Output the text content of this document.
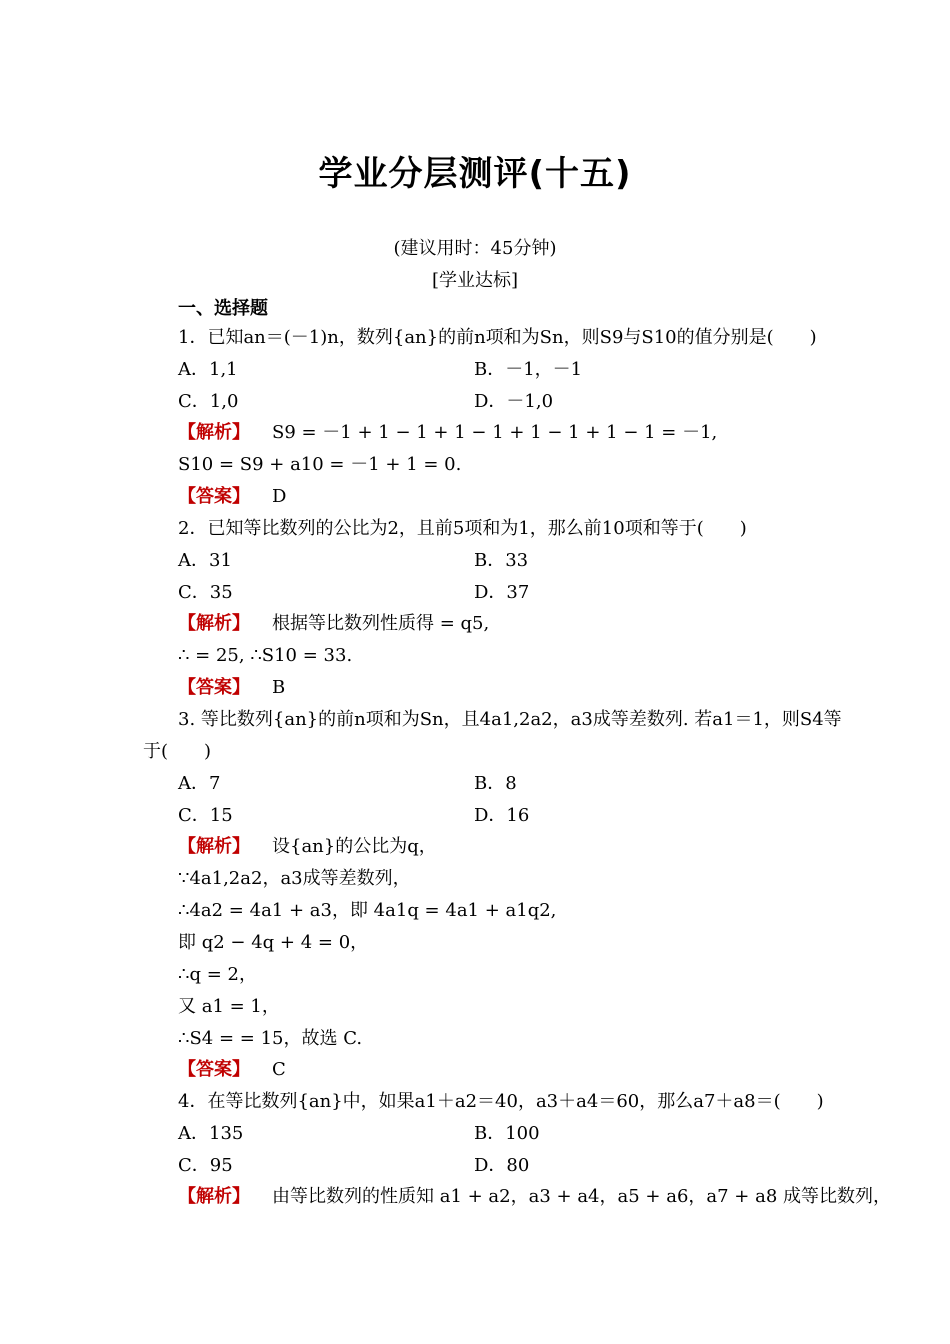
学业分层测评(十五)
(建议用时：45分钟)
[学业达标]
一、选择题
1．已知an＝(－1)n，数列{an}的前n项和为Sn，则S9与S10的值分别是(　　)
A．1,1	B．－1，－1
C．1,0	D．－1,0
【解析】 S9 = －1 + 1 − 1 + 1 − 1 + 1 − 1 + 1 − 1 = －1,
S10 = S9 + a10 = －1 + 1 = 0.
【答案】 D
2．已知等比数列的公比为2，且前5项和为1，那么前10项和等于(　　)
A．31	B．33
C．35	D．37
【解析】 根据等比数列性质得 = q5,
∴ = 25, ∴S10 = 33.
【答案】 B
3. 等比数列{an}的前n项和为Sn，且4a1,2a2，a3成等差数列. 若a1＝1，则S4等
于(　　)
A．7	B．8
C．15	D．16
【解析】 设{an}的公比为q，
∵4a1,2a2，a3成等差数列，
∴4a2 = 4a1 + a3，即 4a1q = 4a1 + a1q2,
即 q2 − 4q + 4 = 0，
∴q = 2，
又 a1 = 1，
∴S4 = = 15，故选 C.
【答案】 C
4．在等比数列{an}中，如果a1＋a2＝40，a3＋a4＝60，那么a7＋a8＝(　　)
A．135	B．100
C．95	D．80
【解析】 由等比数列的性质知 a1 + a2，a3 + a4，a5 + a6，a7 + a8 成等比数列，
